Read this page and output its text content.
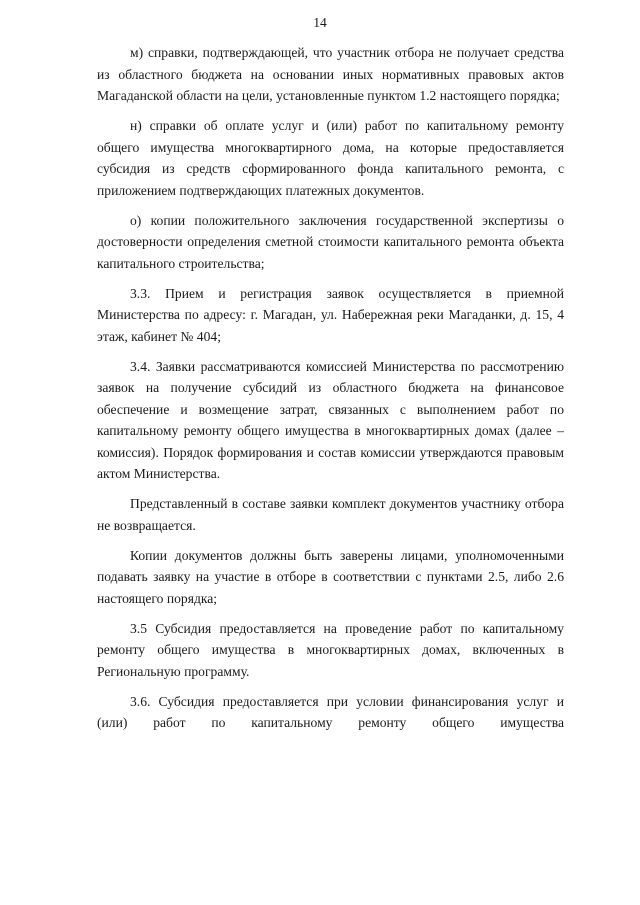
14

м) справки, подтверждающей, что участник отбора не получает средства из областного бюджета на основании иных нормативных правовых актов Магаданской области на цели, установленные пунктом 1.2 настоящего порядка;

н) справки об оплате услуг и (или) работ по капитальному ремонту общего имущества многоквартирного дома, на которые предоставляется субсидия из средств сформированного фонда капитального ремонта, с приложением подтверждающих платежных документов.

о) копии положительного заключения государственной экспертизы о достоверности определения сметной стоимости капитального ремонта объекта капитального строительства;

3.3. Прием и регистрация заявок осуществляется в приемной Министерства по адресу: г. Магадан, ул. Набережная реки Магаданки, д. 15, 4 этаж, кабинет № 404;

3.4. Заявки рассматриваются комиссией Министерства по рассмотрению заявок на получение субсидий из областного бюджета на финансовое обеспечение и возмещение затрат, связанных с выполнением работ по капитальному ремонту общего имущества в многоквартирных домах (далее – комиссия). Порядок формирования и состав комиссии утверждаются правовым актом Министерства.

Представленный в составе заявки комплект документов участнику отбора не возвращается.

Копии документов должны быть заверены лицами, уполномоченными подавать заявку на участие в отборе в соответствии с пунктами 2.5, либо 2.6 настоящего порядка;

3.5 Субсидия предоставляется на проведение работ по капитальному ремонту общего имущества в многоквартирных домах, включенных в Региональную программу.

3.6. Субсидия предоставляется при условии финансирования услуг и (или) работ по капитальному ремонту общего имущества
